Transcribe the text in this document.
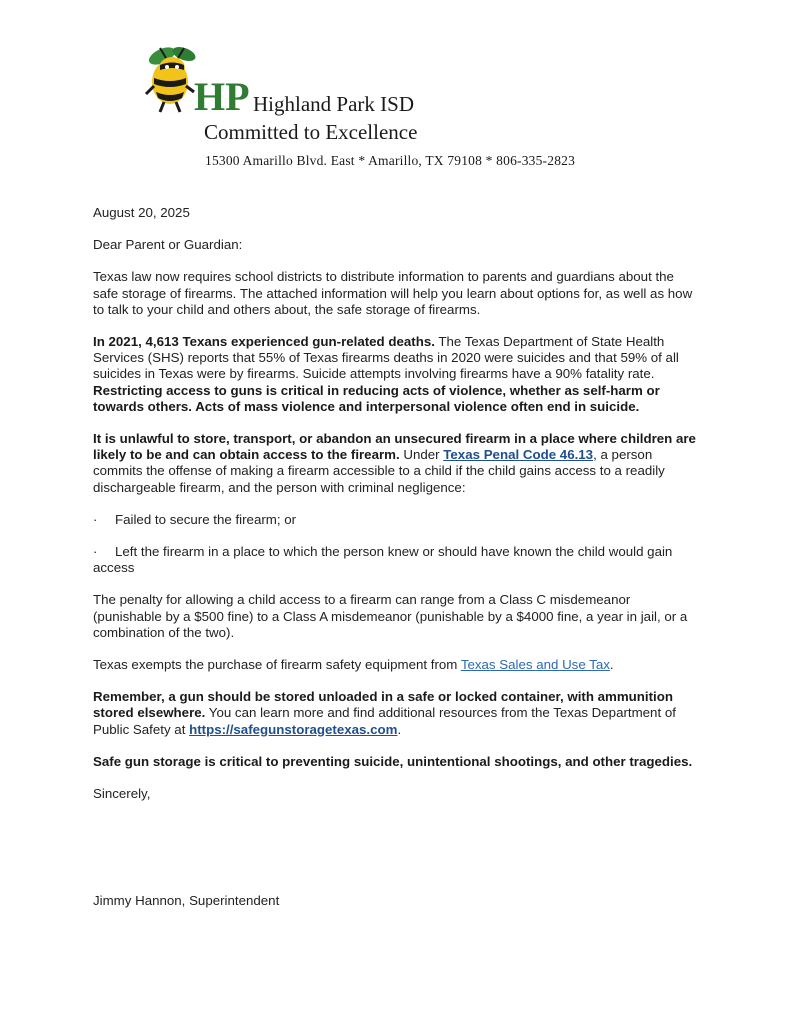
HP Highland Park ISD
Committed to Excellence
15300 Amarillo Blvd. East * Amarillo, TX 79108 * 806-335-2823

August 20, 2025

Dear Parent or Guardian:

Texas law now requires school districts to distribute information to parents and guardians about the safe storage of firearms. The attached information will help you learn about options for, as well as how to talk to your child and others about, the safe storage of firearms.

In 2021, 4,613 Texans experienced gun-related deaths. The Texas Department of State Health Services (SHS) reports that 55% of Texas firearms deaths in 2020 were suicides and that 59% of all suicides in Texas were by firearms. Suicide attempts involving firearms have a 90% fatality rate. Restricting access to guns is critical in reducing acts of violence, whether as self-harm or towards others. Acts of mass violence and interpersonal violence often end in suicide.

It is unlawful to store, transport, or abandon an unsecured firearm in a place where children are likely to be and can obtain access to the firearm. Under Texas Penal Code 46.13, a person commits the offense of making a firearm accessible to a child if the child gains access to a readily dischargeable firearm, and the person with criminal negligence:

· Failed to secure the firearm; or

· Left the firearm in a place to which the person knew or should have known the child would gain access

The penalty for allowing a child access to a firearm can range from a Class C misdemeanor (punishable by a $500 fine) to a Class A misdemeanor (punishable by a $4000 fine, a year in jail, or a combination of the two).

Texas exempts the purchase of firearm safety equipment from Texas Sales and Use Tax.

Remember, a gun should be stored unloaded in a safe or locked container, with ammunition stored elsewhere. You can learn more and find additional resources from the Texas Department of Public Safety at https://safegunstoragetexas.com.

Safe gun storage is critical to preventing suicide, unintentional shootings, and other tragedies.

Sincerely,

Jimmy Hannon, Superintendent
